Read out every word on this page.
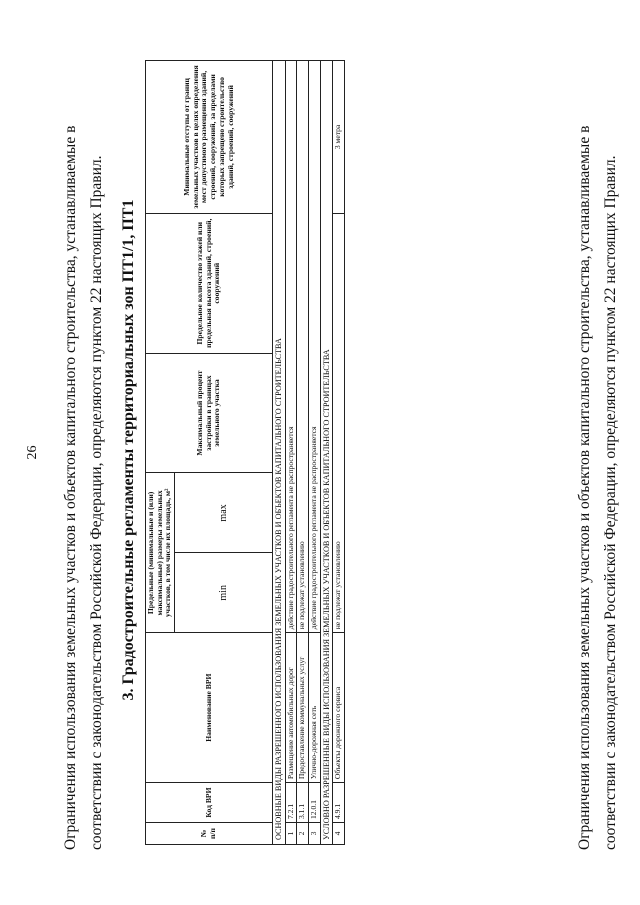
26 Ограничения использования земельных участков и объектов капитального строительства, устанавливаемые в соответствии с законодательством Российской Федерации, определяются пунктом 22 настоящих Правил. 3. Градостроительные регламенты территориальных зон ПТ1/1, ПТ1
№ п/п	Код ВРИ	Наименование ВРИ	Предельные (минимальные и (или) максимальные) размеры земельных участков, в том числе их площадь, м²		Максимальный процент застройки в границах земельного участка	Предельное количество этажей или предельная высота зданий, строений, сооружений	Минимальные отступы от границ земельных участков в целях определения мест допустимого размещения зданий, строений, сооружений, за пределами которых запрещено строительство зданий, строений, сооружений
			min	max			
ОСНОВНЫЕ ВИДЫ РАЗРЕШЕННОГО ИСПОЛЬЗОВАНИЯ ЗЕМЕЛЬНЫХ УЧАСТКОВ И ОБЪЕКТОВ КАПИТАЛЬНОГО СТРОИТЕЛЬСТВА							
1	7.2.1	Размещение автомобильных дорог	действие градостроительного регламента не распространяется				
2	3.1.1	Предоставление коммунальных услуг	не подлежат установлению				
3	12.0.1	Улично-дорожная сеть	действие градостроительного регламента не распространяется				
УСЛОВНО РАЗРЕШЕННЫЕ ВИДЫ ИСПОЛЬЗОВАНИЯ ЗЕМЕЛЬНЫХ УЧАСТКОВ И ОБЪЕКТОВ КАПИТАЛЬНОГО СТРОИТЕЛЬСТВА							
4	4.9.1	Объекты дорожного сервиса	не подлежат установлению				3 метра	Ограничения использования земельных участков и объектов капитального строительства, устанавливаемые в соответствии с законодательством Российской Федерации, определяются пунктом 22 настоящих Правил.
